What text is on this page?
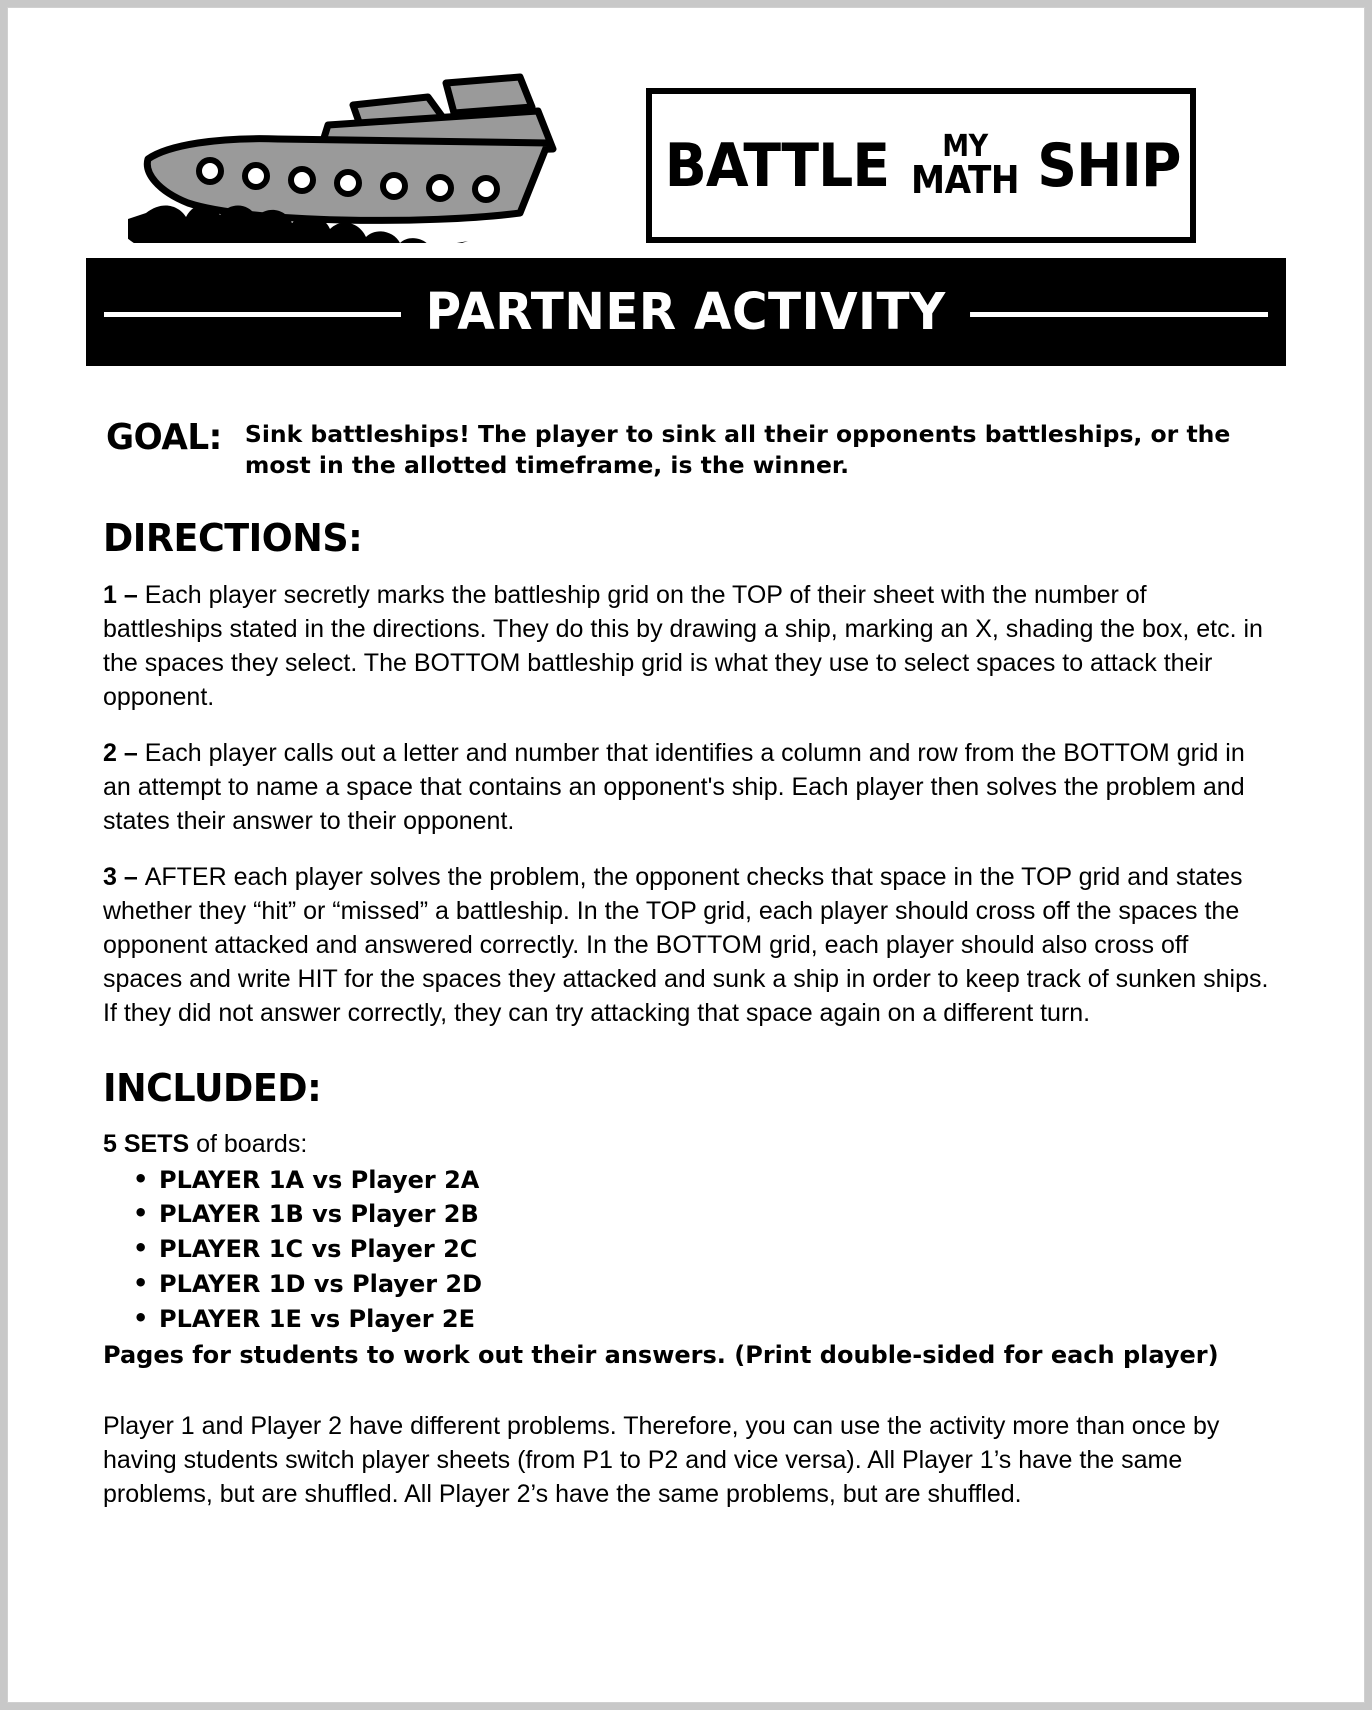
BATTLE MY
MATH SHIP
PARTNER ACTIVITY
GOAL: Sink battleships! The player to sink all their opponents battleships, or the most in the allotted timeframe, is the winner.
DIRECTIONS:
1 – Each player secretly marks the battleship grid on the TOP of their sheet with the number of battleships stated in the directions. They do this by drawing a ship, marking an X, shading the box, etc. in the spaces they select. The BOTTOM battleship grid is what they use to select spaces to attack their opponent.
2 – Each player calls out a letter and number that identifies a column and row from the BOTTOM grid in an attempt to name a space that contains an opponent's ship. Each player then solves the problem and states their answer to their opponent.
3 – AFTER each player solves the problem, the opponent checks that space in the TOP grid and states whether they “hit” or “missed” a battleship. In the TOP grid, each player should cross off the spaces the opponent attacked and answered correctly. In the BOTTOM grid, each player should also cross off spaces and write HIT for the spaces they attacked and sunk a ship in order to keep track of sunken ships. If they did not answer correctly, they can try attacking that space again on a different turn.
INCLUDED:
5 SETS of boards:
• PLAYER 1A vs Player 2A
• PLAYER 1B vs Player 2B
• PLAYER 1C vs Player 2C
• PLAYER 1D vs Player 2D
• PLAYER 1E vs Player 2E
Pages for students to work out their answers. (Print double-sided for each player)
Player 1 and Player 2 have different problems. Therefore, you can use the activity more than once by having students switch player sheets (from P1 to P2 and vice versa). All Player 1’s have the same problems, but are shuffled. All Player 2’s have the same problems, but are shuffled.
